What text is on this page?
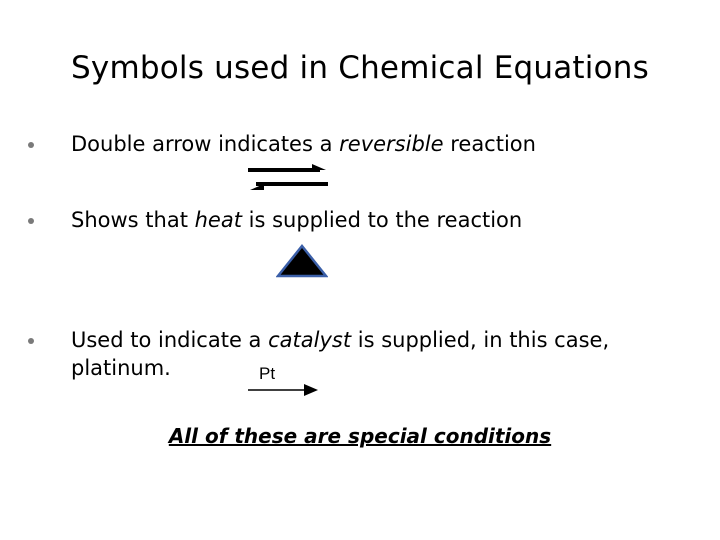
Symbols used in Chemical Equations
Double arrow indicates a reversible reaction
Shows that heat is supplied to the reaction
Used to indicate a catalyst is supplied, in this case, platinum.	Pt
All of these are special conditions
